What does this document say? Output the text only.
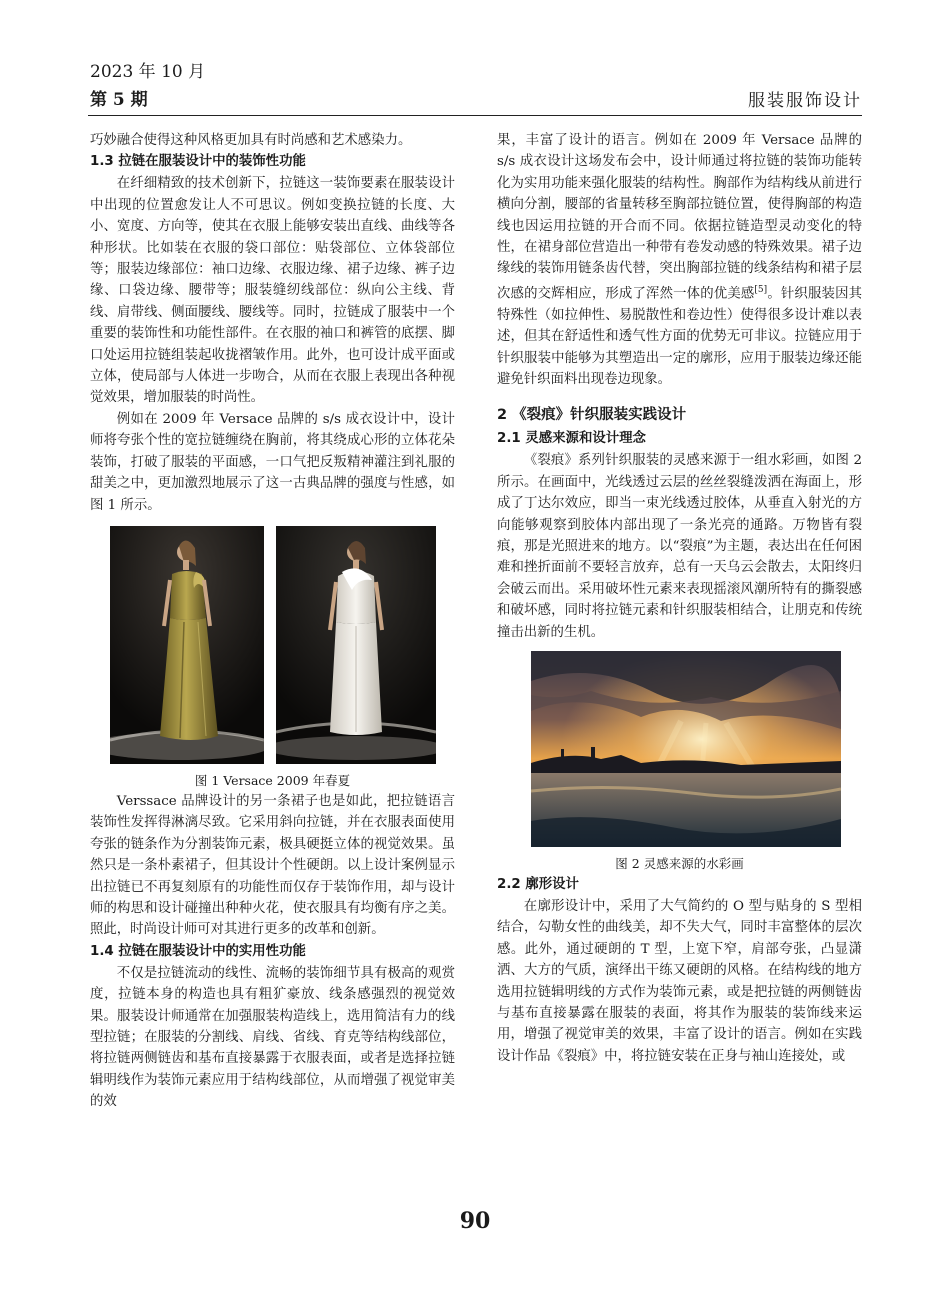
2023 年 10 月
第 5 期	服装服饰设计

巧妙融合使得这种风格更加具有时尚感和艺术感染力。

1.3 拉链在服装设计中的装饰性功能

在纤细精致的技术创新下，拉链这一装饰要素在服装设计中出现的位置愈发让人不可思议。例如变换拉链的长度、大小、宽度、方向等，使其在衣服上能够安装出直线、曲线等各种形状。比如装在衣服的袋口部位：贴袋部位、立体袋部位等；服装边缘部位：袖口边缘、衣服边缘、裙子边缘、裤子边缘、口袋边缘、腰带等；服装缝纫线部位：纵向公主线、背线、肩带线、侧面腰线、腰线等。同时，拉链成了服装中一个重要的装饰性和功能性部件。在衣服的袖口和裤管的底摆、脚口处运用拉链组装起收拢褶皱作用。此外，也可设计成平面或立体，使局部与人体进一步吻合，从而在衣服上表现出各种视觉效果，增加服装的时尚性。

例如在 2009 年 Versace 品牌的 s/s 成衣设计中，设计师将夸张个性的宽拉链缠绕在胸前，将其绕成心形的立体花朵装饰，打破了服装的平面感，一口气把反叛精神灌注到礼服的甜美之中，更加激烈地展示了这一古典品牌的强度与性感，如图 1 所示。

图 1 Versace 2009 年春夏

Verssace 品牌设计的另一条裙子也是如此，把拉链语言装饰性发挥得淋漓尽致。它采用斜向拉链，并在衣服表面使用夸张的链条作为分割装饰元素，极具硬挺立体的视觉效果。虽然只是一条朴素裙子，但其设计个性硬朗。以上设计案例显示出拉链已不再复刻原有的功能性而仅存于装饰作用，却与设计师的构思和设计碰撞出种种火花，使衣服具有均衡有序之美。照此，时尚设计师可对其进行更多的改革和创新。

1.4 拉链在服装设计中的实用性功能

不仅是拉链流动的线性、流畅的装饰细节具有极高的观赏度，拉链本身的构造也具有粗犷豪放、线条感强烈的视觉效果。服装设计师通常在加强服装构造线上，选用简洁有力的线型拉链；在服装的分割线、肩线、省线、育克等结构线部位，将拉链两侧链齿和基布直接暴露于衣服表面，或者是选择拉链辑明线作为装饰元素应用于结构线部位，从而增强了视觉审美的效

果，丰富了设计的语言。例如在 2009 年 Versace 品牌的 s/s 成衣设计这场发布会中，设计师通过将拉链的装饰功能转化为实用功能来强化服装的结构性。胸部作为结构线从前进行横向分割，腰部的省量转移至胸部拉链位置，使得胸部的构造线也因运用拉链的开合而不同。依据拉链造型灵动变化的特性，在裙身部位营造出一种带有卷发动感的特殊效果。裙子边缘线的装饰用链条齿代替，突出胸部拉链的线条结构和裙子层次感的交辉相应，形成了浑然一体的优美感[5]。针织服装因其特殊性（如拉伸性、易脱散性和卷边性）使得很多设计难以表述，但其在舒适性和透气性方面的优势无可非议。拉链应用于针织服装中能够为其塑造出一定的廓形，应用于服装边缘还能避免针织面料出现卷边现象。

2 《裂痕》针织服装实践设计

2.1 灵感来源和设计理念

《裂痕》系列针织服装的灵感来源于一组水彩画，如图 2 所示。在画面中，光线透过云层的丝丝裂缝泼洒在海面上，形成了丁达尔效应，即当一束光线透过胶体，从垂直入射光的方向能够观察到胶体内部出现了一条光亮的通路。万物皆有裂痕，那是光照进来的地方。以“裂痕”为主题，表达出在任何困难和挫折面前不要轻言放弃，总有一天乌云会散去，太阳终归会破云而出。采用破坏性元素来表现摇滚风潮所特有的撕裂感和破坏感，同时将拉链元素和针织服装相结合，让朋克和传统撞击出新的生机。

图 2 灵感来源的水彩画

2.2 廓形设计

在廓形设计中，采用了大气简约的 O 型与贴身的 S 型相结合，勾勒女性的曲线美，却不失大气，同时丰富整体的层次感。此外，通过硬朗的 T 型，上宽下窄，肩部夸张，凸显潇洒、大方的气质，演绎出干练又硬朗的风格。在结构线的地方选用拉链辑明线的方式作为装饰元素，或是把拉链的两侧链齿与基布直接暴露在服装的表面，将其作为服装的装饰线来运用，增强了视觉审美的效果，丰富了设计的语言。例如在实践设计作品《裂痕》中，将拉链安装在正身与袖山连接处，或

90
